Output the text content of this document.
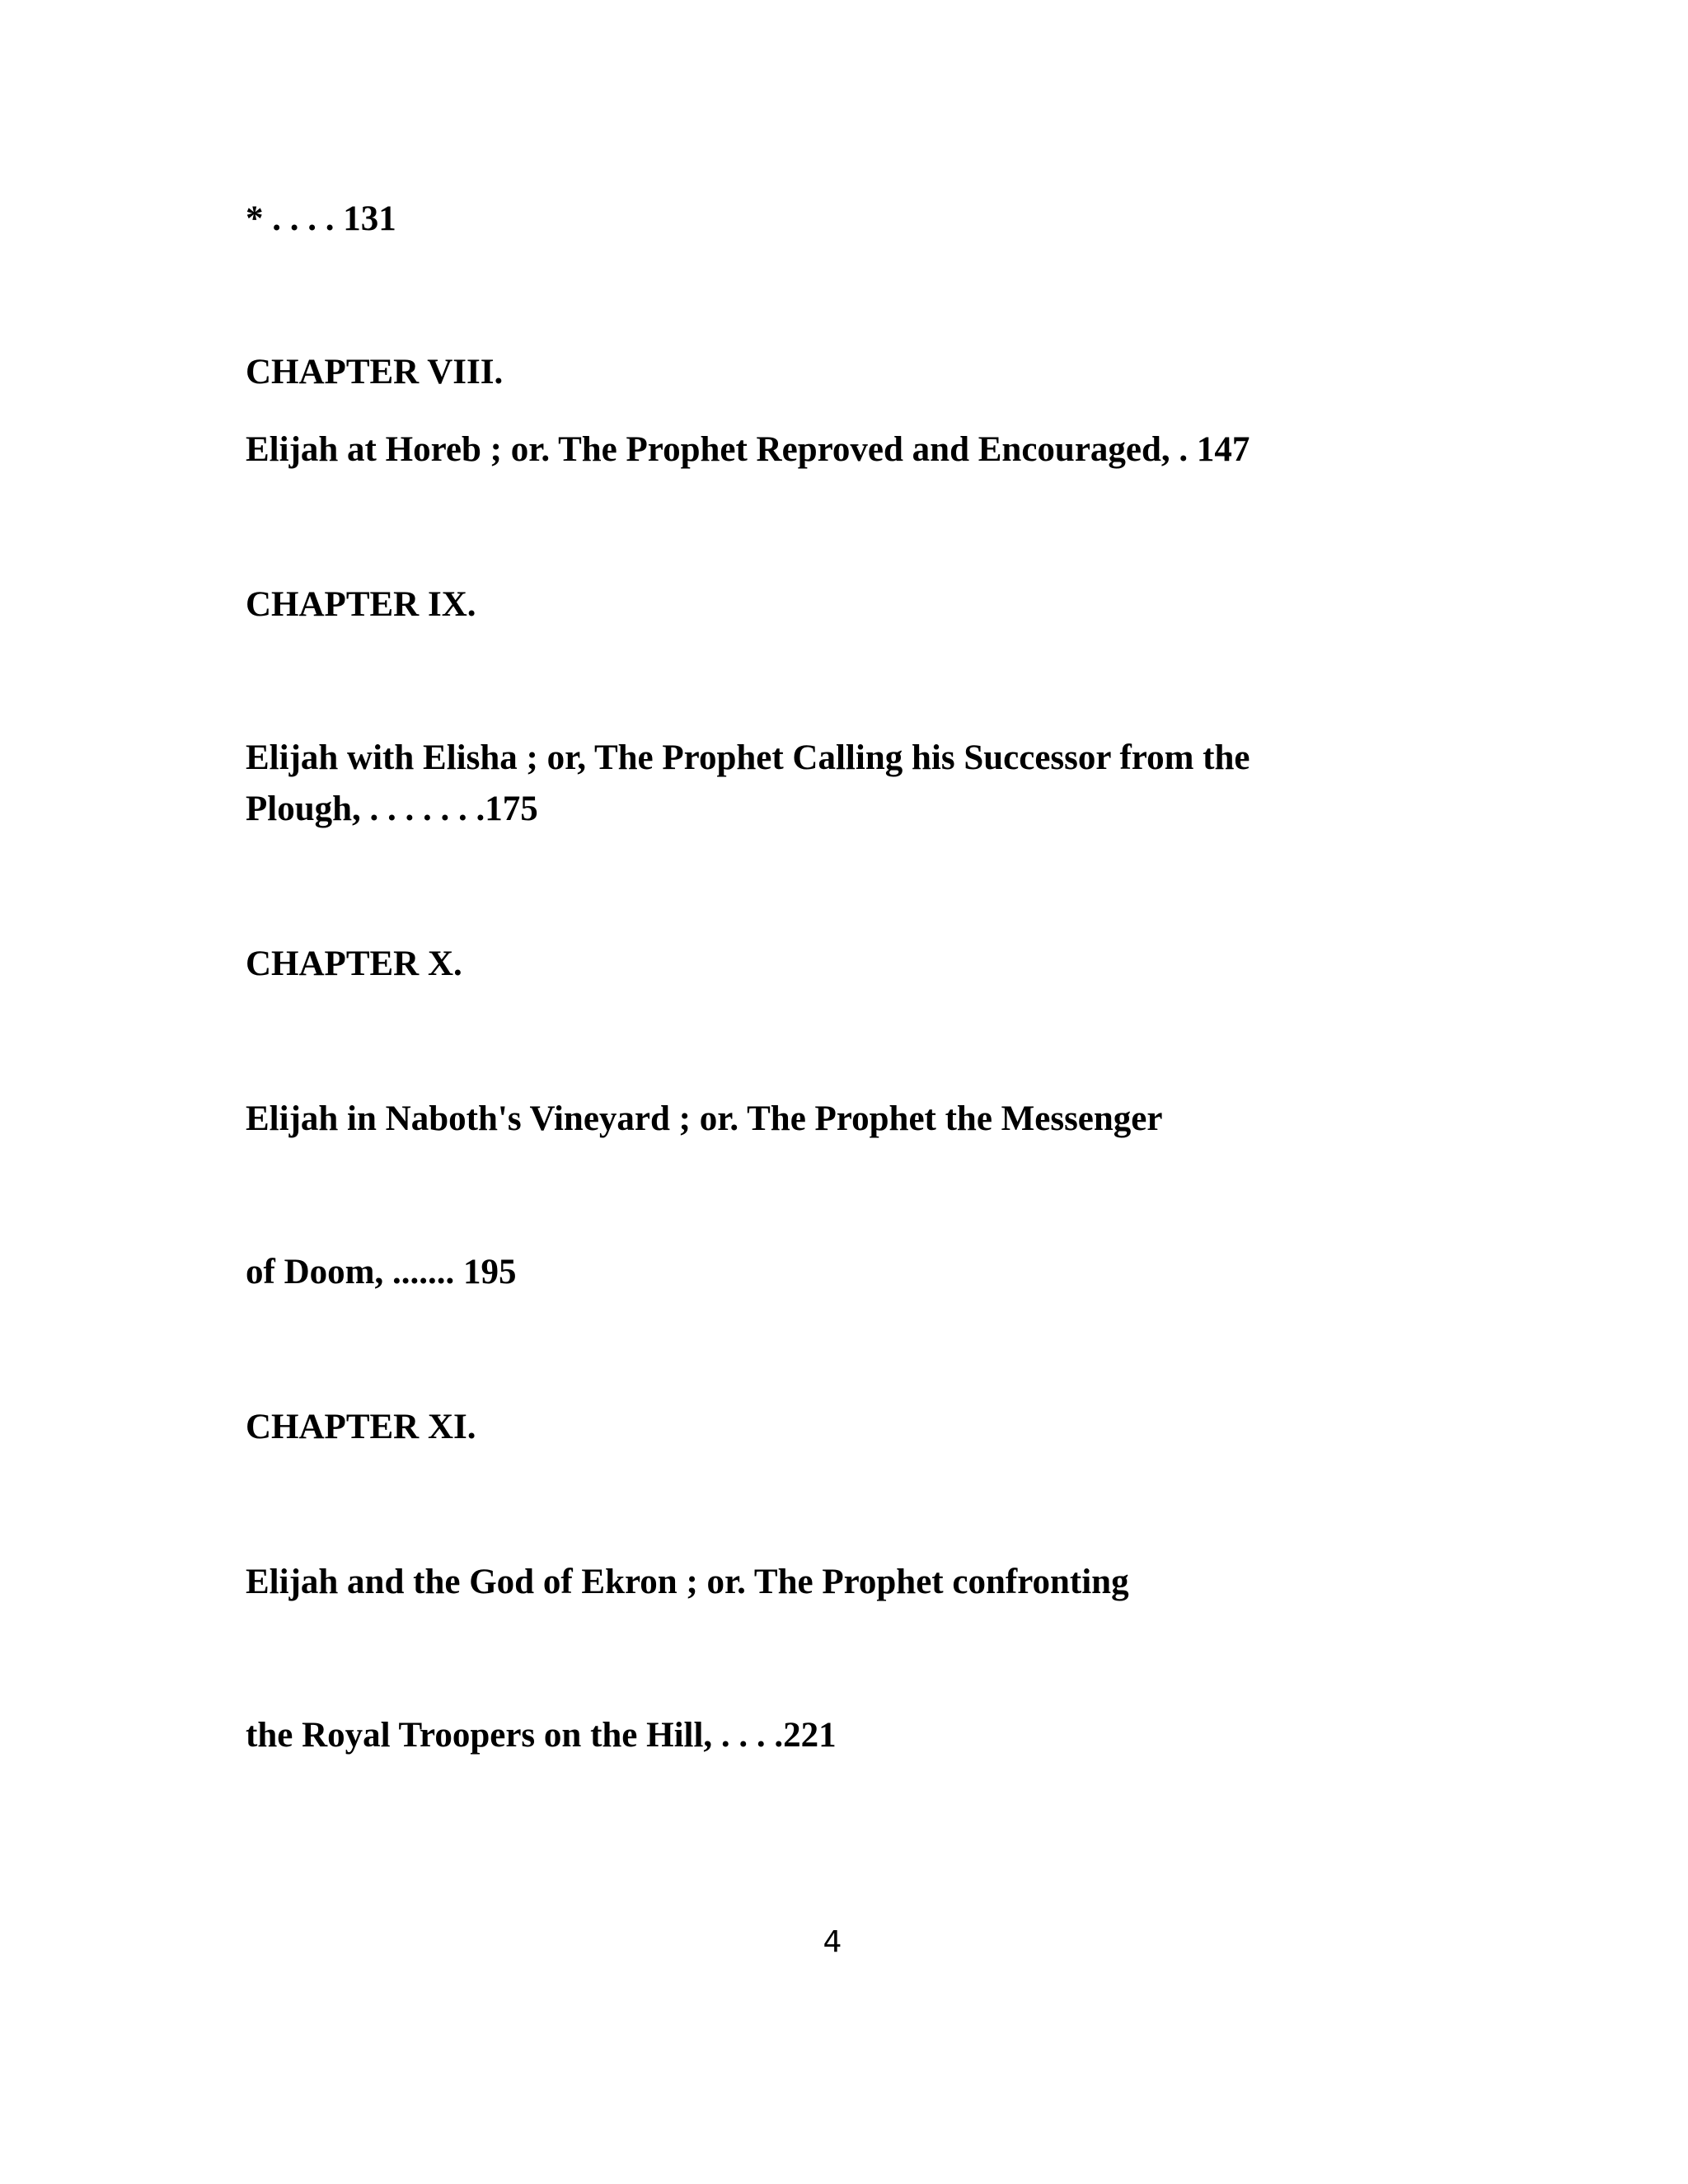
* . . . . 131

CHAPTER VIII.

Elijah at Horeb ; or. The Prophet Reproved and Encouraged, . 147

CHAPTER IX.

Elijah with Elisha ; or, The Prophet Calling his Successor from the

Plough, . . . . . . .175

CHAPTER X.

Elijah in Naboth's Vineyard ; or. The Prophet the Messenger

of Doom, ....... 195

CHAPTER XI.

Elijah and the God of Ekron ; or. The Prophet confronting

the Royal Troopers on the Hill, . . . .221

4
